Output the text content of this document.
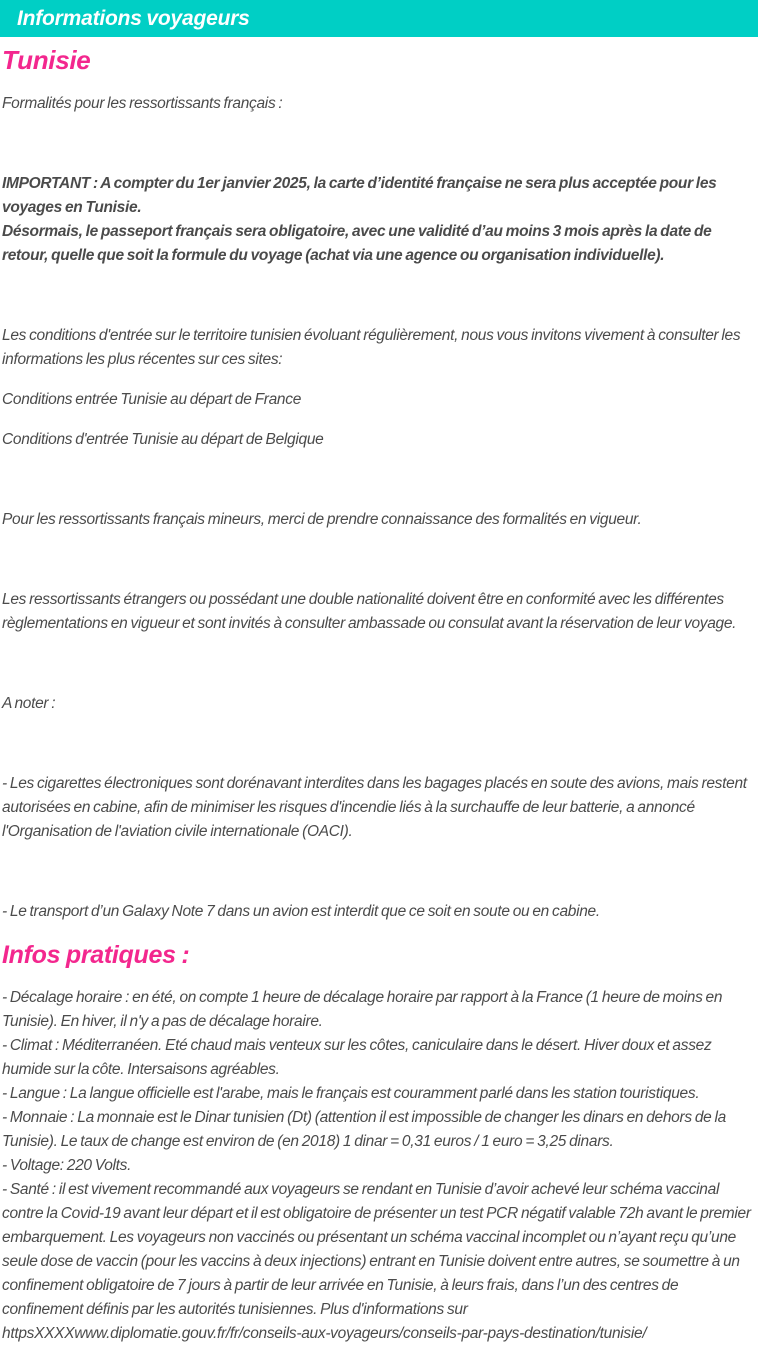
Informations voyageurs
Tunisie

Formalités pour les ressortissants français :

IMPORTANT : A compter du 1er janvier 2025, la carte d’identité française ne sera plus acceptée pour les voyages en Tunisie.
Désormais, le passeport français sera obligatoire, avec une validité d’au moins 3 mois après la date de retour, quelle que soit la formule du voyage (achat via une agence ou organisation individuelle).

Les conditions d'entrée sur le territoire tunisien évoluant régulièrement, nous vous invitons vivement à consulter les informations les plus récentes sur ces sites:

Conditions entrée Tunisie au départ de France

Conditions d'entrée Tunisie au départ de Belgique

Pour les ressortissants français mineurs, merci de prendre connaissance des formalités en vigueur.

Les ressortissants étrangers ou possédant une double nationalité doivent être en conformité avec les différentes règlementations en vigueur et sont invités à consulter ambassade ou consulat avant la réservation de leur voyage.

A noter :

- Les cigarettes électroniques sont dorénavant interdites dans les bagages placés en soute des avions, mais restent autorisées en cabine, afin de minimiser les risques d'incendie liés à la surchauffe de leur batterie, a annoncé l'Organisation de l'aviation civile internationale (OACI).

- Le transport d’un Galaxy Note 7 dans un avion est interdit que ce soit en soute ou en cabine.

Infos pratiques :

- Décalage horaire : en été, on compte 1 heure de décalage horaire par rapport à la France (1 heure de moins en Tunisie). En hiver, il n'y a pas de décalage horaire.
- Climat : Méditerranéen. Eté chaud mais venteux sur les côtes, caniculaire dans le désert. Hiver doux et assez humide sur la côte. Intersaisons agréables.
- Langue : La langue officielle est l'arabe, mais le français est couramment parlé dans les station touristiques.
- Monnaie : La monnaie est le Dinar tunisien (Dt) (attention il est impossible de changer les dinars en dehors de la Tunisie). Le taux de change est environ de (en 2018) 1 dinar = 0,31 euros / 1 euro = 3,25 dinars.
- Voltage: 220 Volts.
- Santé : il est vivement recommandé aux voyageurs se rendant en Tunisie d’avoir achevé leur schéma vaccinal contre la Covid-19 avant leur départ et il est obligatoire de présenter un test PCR négatif valable 72h avant le premier embarquement. Les voyageurs non vaccinés ou présentant un schéma vaccinal incomplet ou n’ayant reçu qu’une seule dose de vaccin (pour les vaccins à deux injections) entrant en Tunisie doivent entre autres, se soumettre à un confinement obligatoire de 7 jours à partir de leur arrivée en Tunisie, à leurs frais, dans l’un des centres de confinement définis par les autorités tunisiennes. Plus d'informations sur httpsXXXXwww.diplomatie.gouv.fr/fr/conseils-aux-voyageurs/conseils-par-pays-destination/tunisie/
